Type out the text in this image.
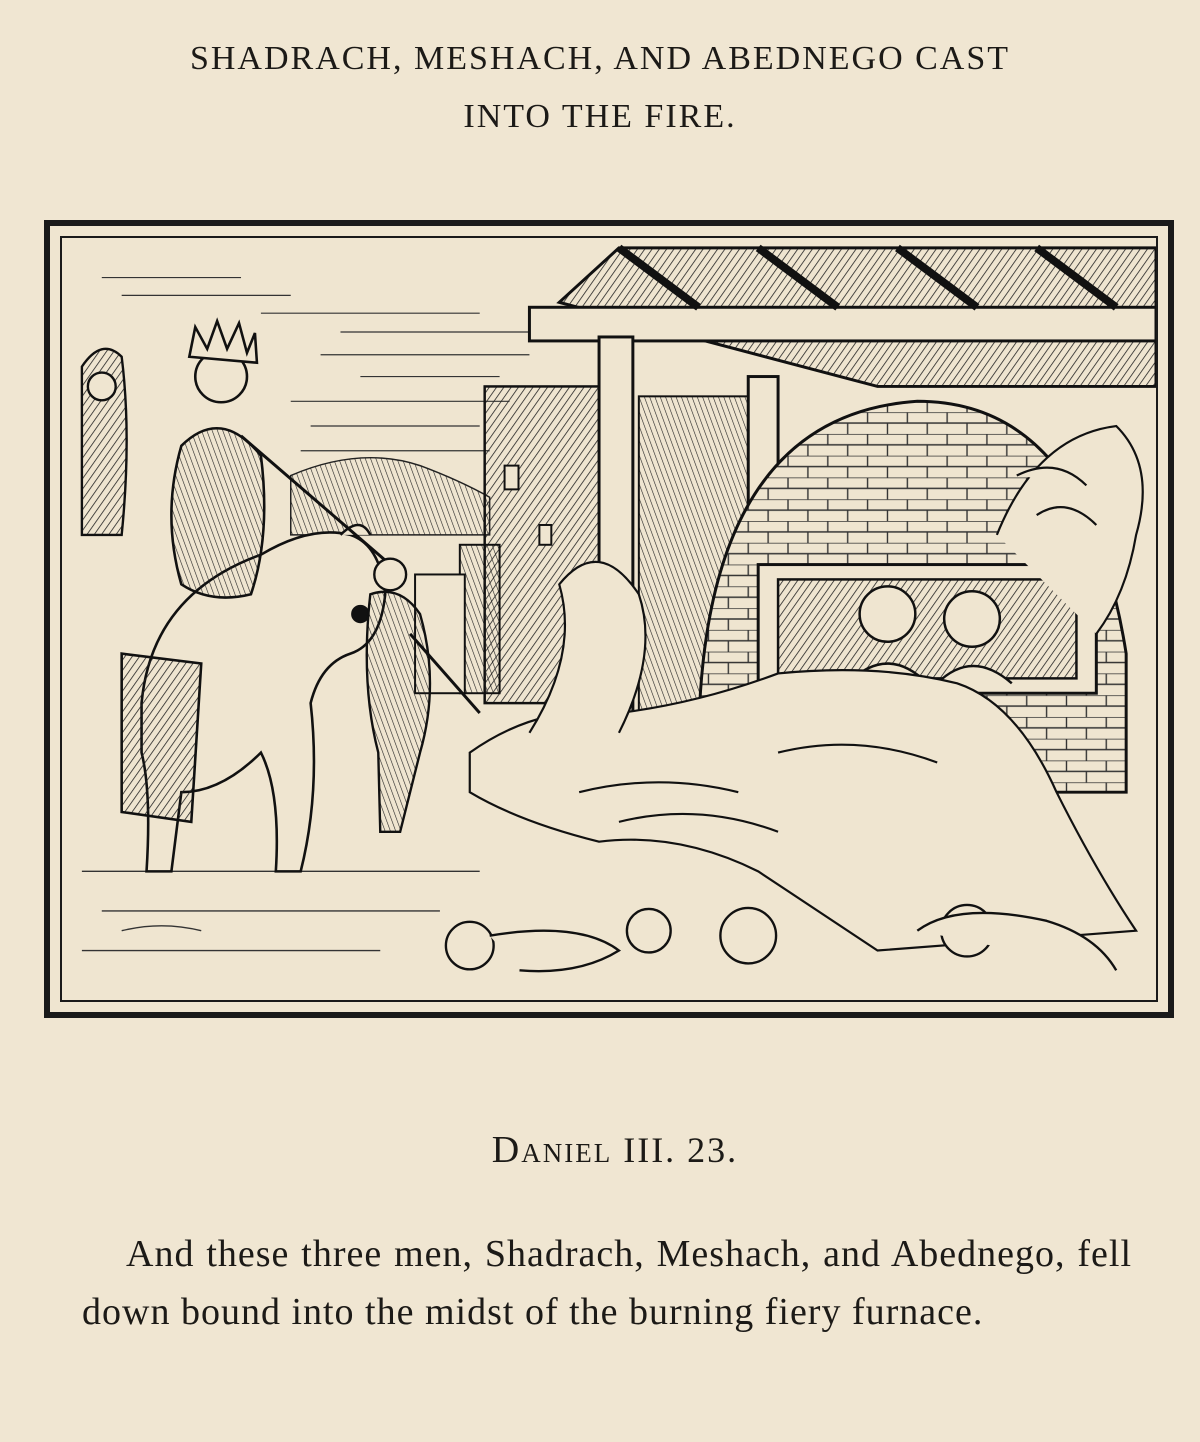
SHADRACH, MESHACH, AND ABEDNEGO CAST
INTO THE FIRE.
Daniel III. 23.
And these three men, Shadrach, Meshach, and Abednego, fell down bound into the midst of the burning fiery furnace.
